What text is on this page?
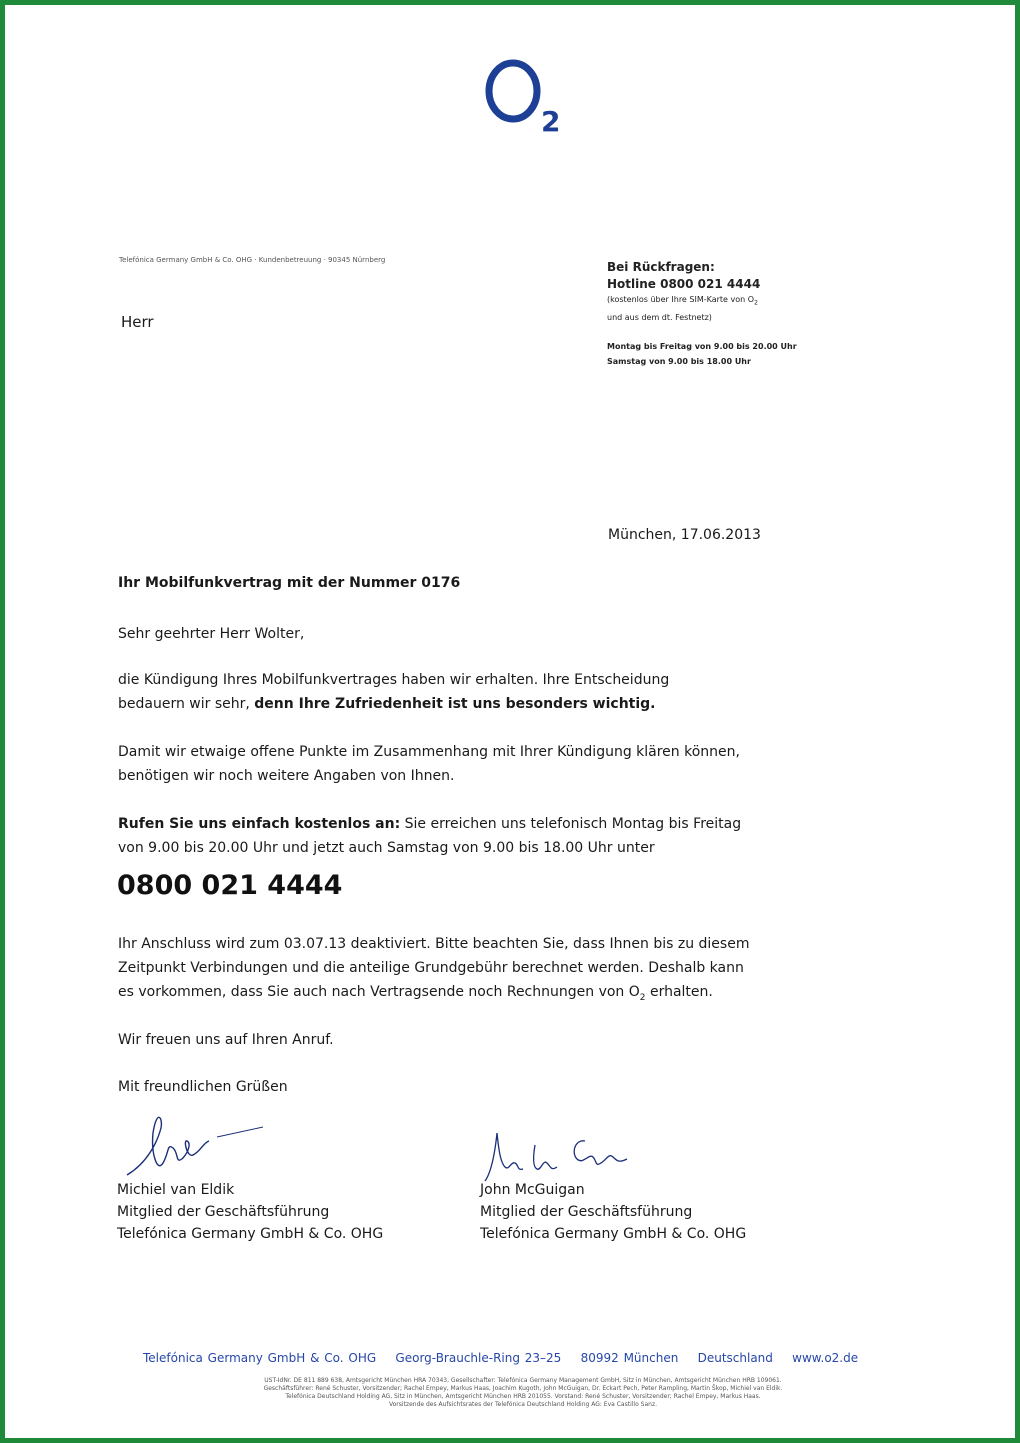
2
Telefónica Germany GmbH & Co. OHG · Kundenbetreuung · 90345 Nürnberg
Herr
Bei Rückfragen:
Hotline 0800 021 4444
(kostenlos über Ihre SIM-Karte von $O_2$
und aus dem dt. Festnetz)
Montag bis Freitag von 9.00 bis 20.00 Uhr
Samstag von 9.00 bis 18.00 Uhr
München, 17.06.2013
Ihr Mobilfunkvertrag mit der Nummer 0176
Sehr geehrter Herr Wolter,
die Kündigung Ihres Mobilfunkvertrages haben wir erhalten. Ihre Entscheidung
bedauern wir sehr, denn Ihre Zufriedenheit ist uns besonders wichtig.
Damit wir etwaige offene Punkte im Zusammenhang mit Ihrer Kündigung klären können,
benötigen wir noch weitere Angaben von Ihnen.
Rufen Sie uns einfach kostenlos an: Sie erreichen uns telefonisch Montag bis Freitag
von 9.00 bis 20.00 Uhr und jetzt auch Samstag von 9.00 bis 18.00 Uhr unter
0800 021 4444
Ihr Anschluss wird zum 03.07.13 deaktiviert. Bitte beachten Sie, dass Ihnen bis zu diesem
Zeitpunkt Verbindungen und die anteilige Grundgebühr berechnet werden. Deshalb kann
es vorkommen, dass Sie auch nach Vertragsende noch Rechnungen von $O_2$ erhalten.
Wir freuen uns auf Ihren Anruf.
Mit freundlichen Grüßen
Michiel van Eldik
Mitglied der Geschäftsführung
Telefónica Germany GmbH & Co. OHG
John McGuigan
Mitglied der Geschäftsführung
Telefónica Germany GmbH & Co. OHG
Telefónica Germany GmbH & Co. OHG Georg-Brauchle-Ring 23–25 80992 München Deutschland www.o2.de
UST-IdNr. DE 811 889 638, Amtsgericht München HRA 70343, Gesellschafter: Telefónica Germany Management GmbH, Sitz in München, Amtsgericht München HRB 109061.
Geschäftsführer: René Schuster, Vorsitzender; Rachel Empey, Markus Haas, Joachim Kugoth, John McGuigan, Dr. Eckart Pech, Peter Rampling, Martin Škop, Michiel van Eldik.
Telefónica Deutschland Holding AG, Sitz in München, Amtsgericht München HRB 201055. Vorstand: René Schuster, Vorsitzender; Rachel Empey, Markus Haas.
Vorsitzende des Aufsichtsrates der Telefónica Deutschland Holding AG: Eva Castillo Sanz.
